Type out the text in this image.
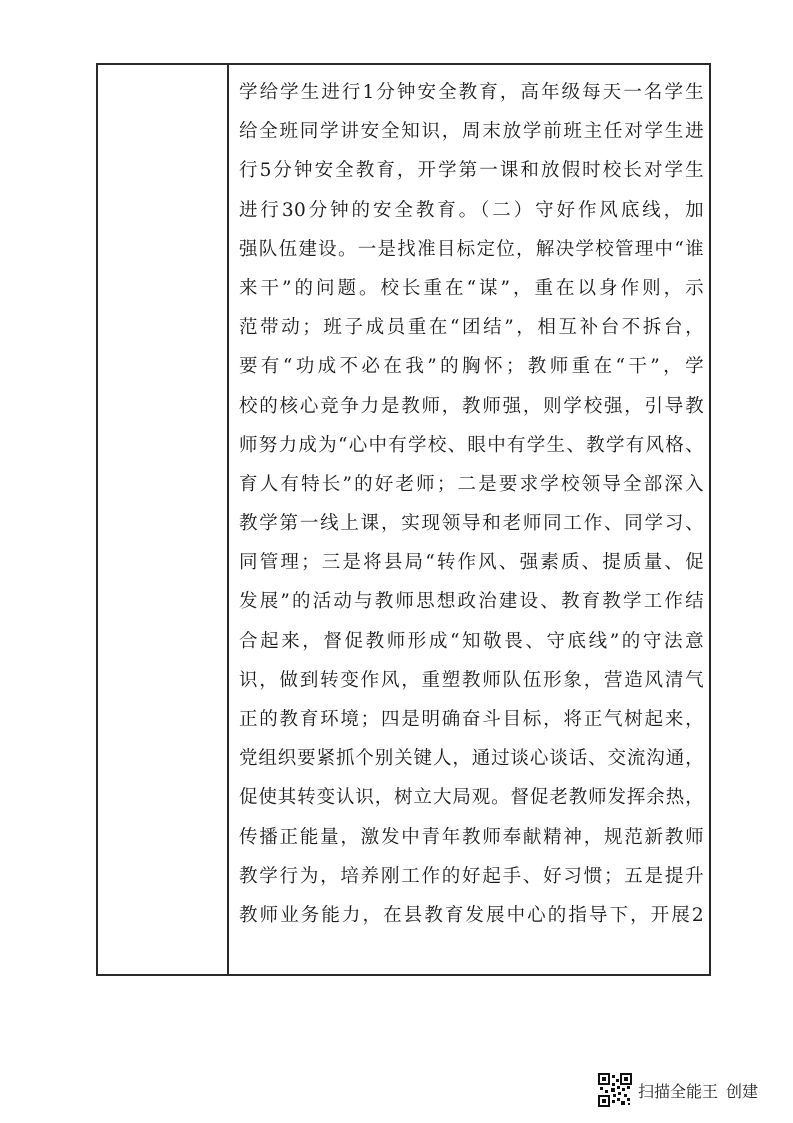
学给学生进行1分钟安全教育，高年级每天一名学生
给全班同学讲安全知识，周末放学前班主任对学生进
行5分钟安全教育，开学第一课和放假时校长对学生
进行30分钟的安全教育。（二）守好作风底线，加
强队伍建设。一是找准目标定位，解决学校管理中“谁
来干”的问题。校长重在“谋”，重在以身作则，示
范带动；班子成员重在“团结”，相互补台不拆台，
要有“功成不必在我”的胸怀；教师重在“干”，学
校的核心竞争力是教师，教师强，则学校强，引导教
师努力成为“心中有学校、眼中有学生、教学有风格、
育人有特长”的好老师；二是要求学校领导全部深入
教学第一线上课，实现领导和老师同工作、同学习、
同管理；三是将县局“转作风、强素质、提质量、促
发展”的活动与教师思想政治建设、教育教学工作结
合起来，督促教师形成“知敬畏、守底线”的守法意
识，做到转变作风，重塑教师队伍形象，营造风清气
正的教育环境；四是明确奋斗目标，将正气树起来，
党组织要紧抓个别关键人，通过谈心谈话、交流沟通，
促使其转变认识，树立大局观。督促老教师发挥余热，
传播正能量，激发中青年教师奉献精神，规范新教师
教学行为，培养刚工作的好起手、好习惯；五是提升
教师业务能力，在县教育发展中心的指导下，开展2
扫描全能王 创建
